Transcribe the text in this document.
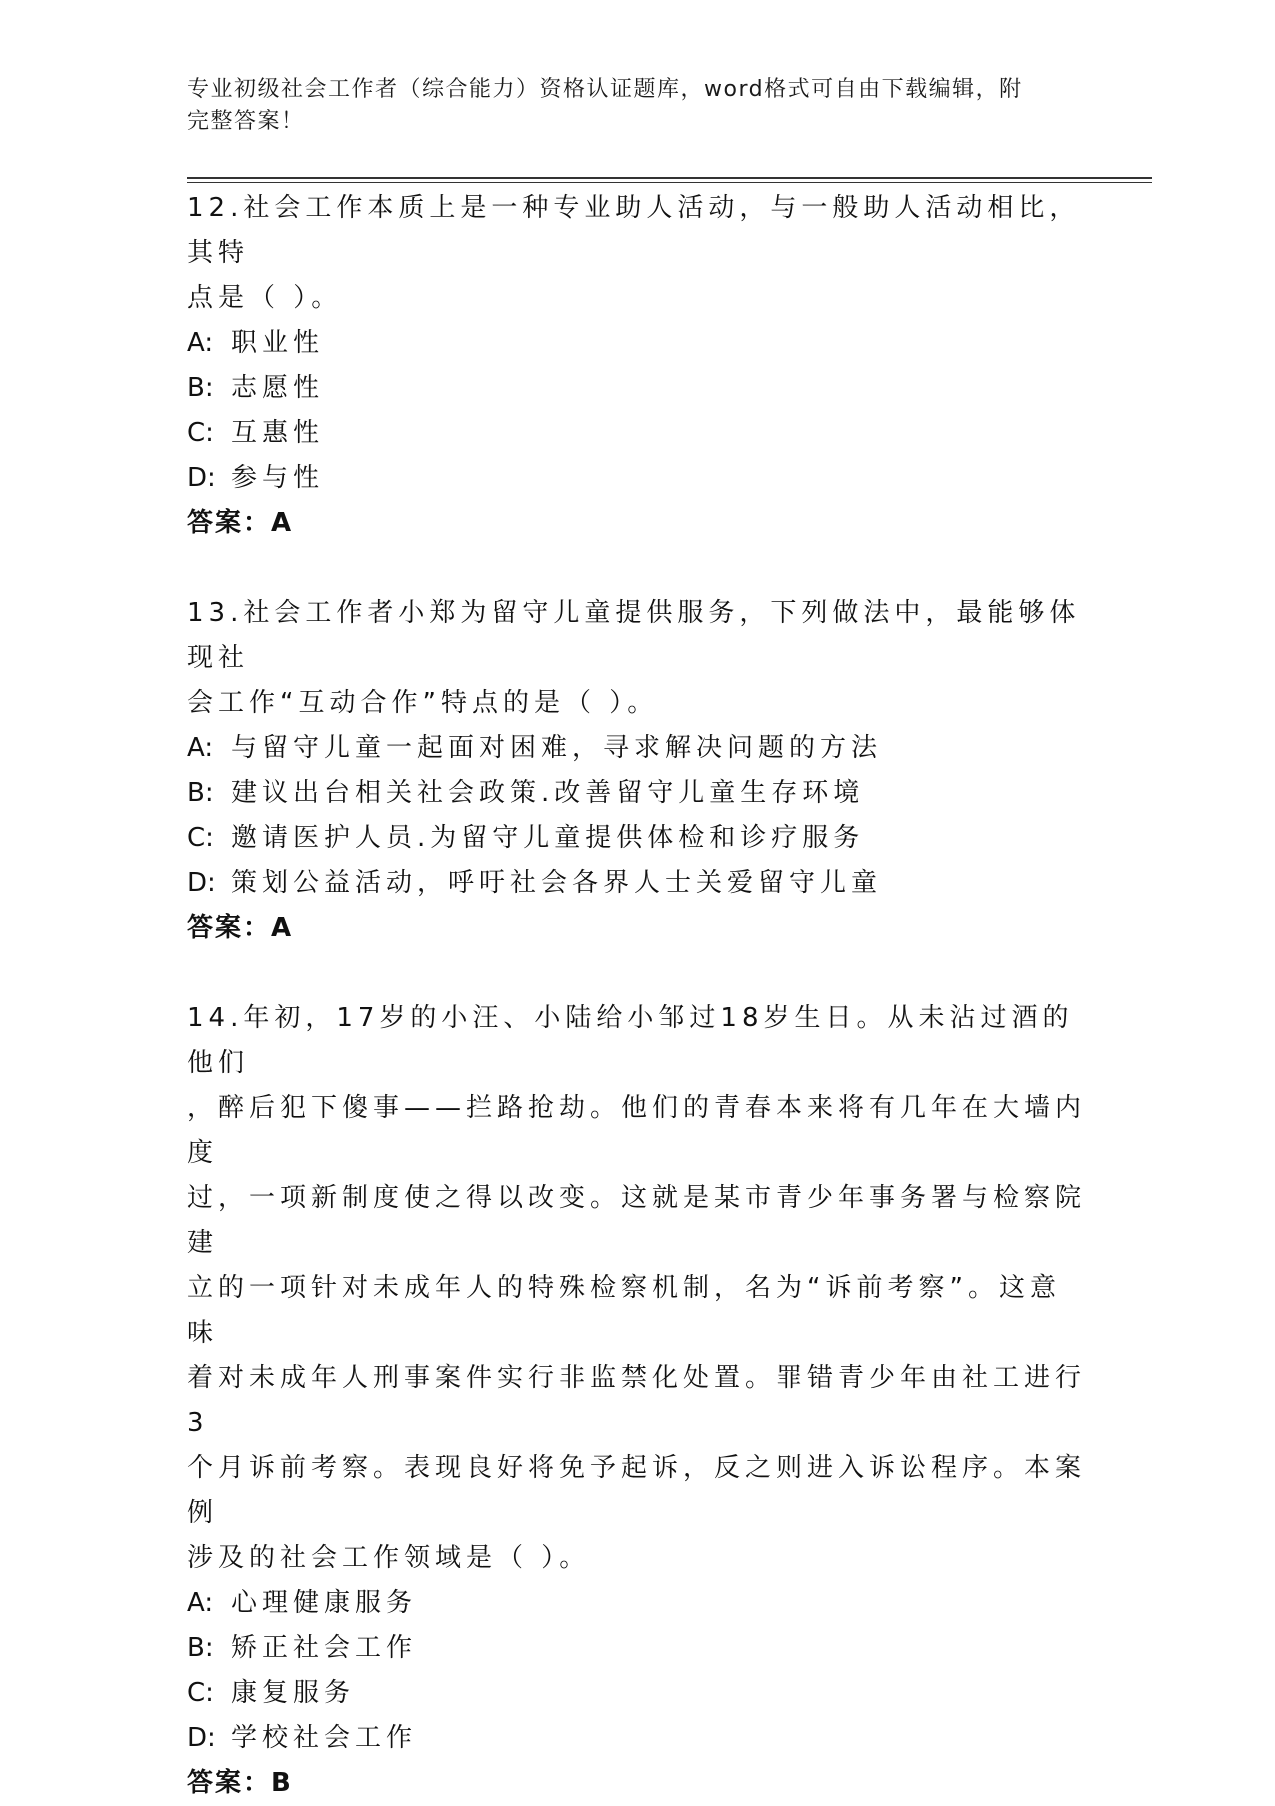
专业初级社会工作者（综合能力）资格认证题库，word格式可自由下载编辑，附
完整答案！

12.社会工作本质上是一种专业助人活动，与一般助人活动相比，其特

点是（ ）。

A: 职业性

B: 志愿性

C: 互惠性

D: 参与性

答案：A

13.社会工作者小郑为留守儿童提供服务，下列做法中，最能够体现社

会工作“互动合作”特点的是（ ）。

A: 与留守儿童一起面对困难，寻求解决问题的方法

B: 建议出台相关社会政策.改善留守儿童生存环境

C: 邀请医护人员.为留守儿童提供体检和诊疗服务

D: 策划公益活动，呼吁社会各界人士关爱留守儿童

答案：A

14.年初，17岁的小汪、小陆给小邹过18岁生日。从未沾过酒的他们

，醉后犯下傻事——拦路抢劫。他们的青春本来将有几年在大墙内度

过，一项新制度使之得以改变。这就是某市青少年事务署与检察院建

立的一项针对未成年人的特殊检察机制，名为“诉前考察”。这意味

着对未成年人刑事案件实行非监禁化处置。罪错青少年由社工进行3

个月诉前考察。表现良好将免予起诉，反之则进入诉讼程序。本案例

涉及的社会工作领域是（ ）。

A: 心理健康服务

B: 矫正社会工作

C: 康复服务

D: 学校社会工作

答案：B
